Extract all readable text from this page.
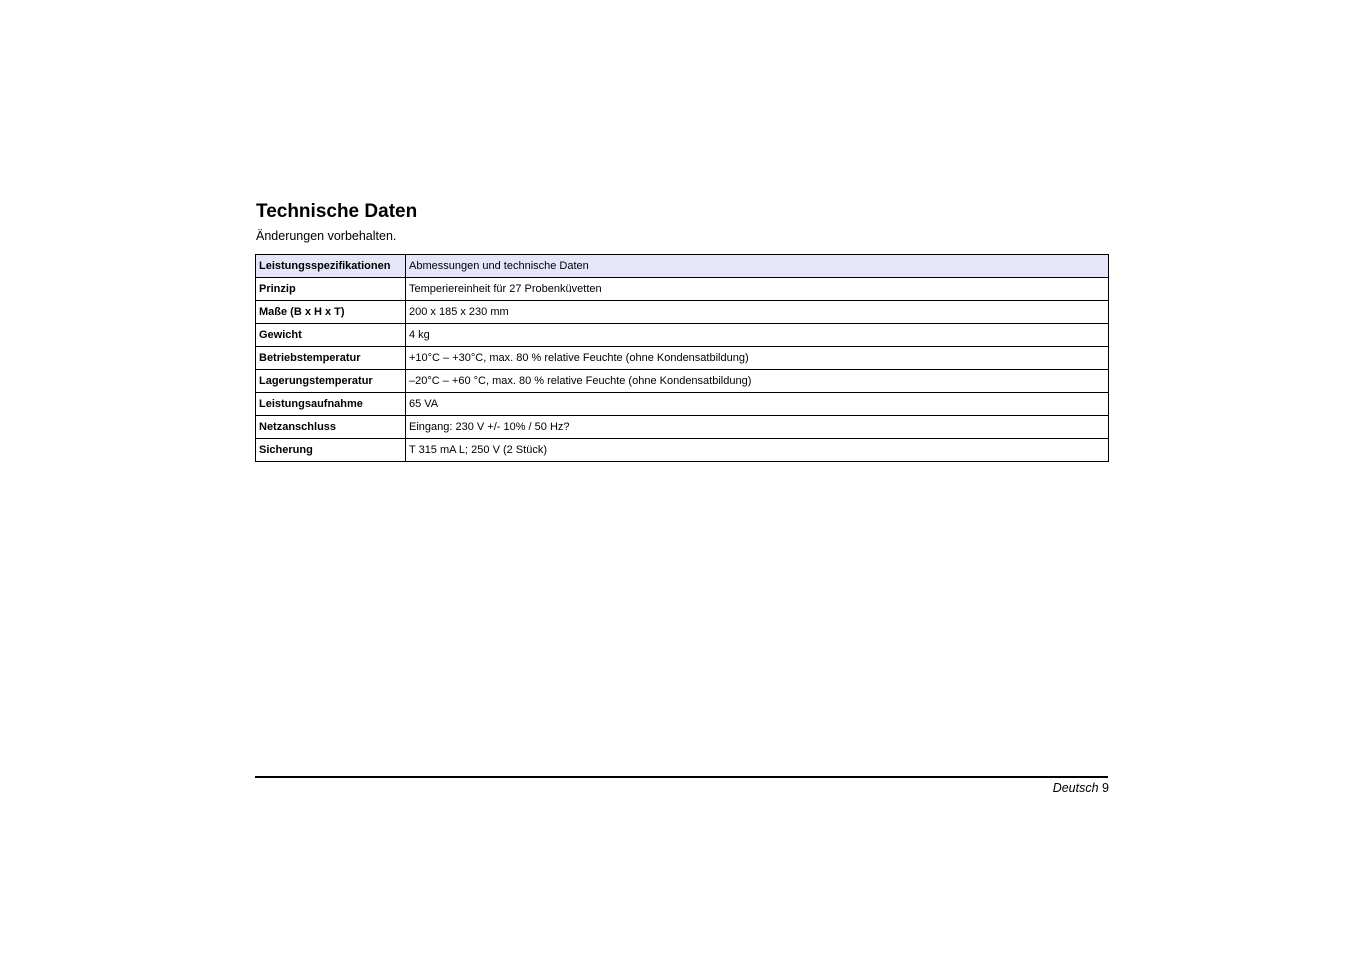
Technische Daten

Änderungen vorbehalten.

Leistungsspezifikationen	Abmessungen und technische Daten
Prinzip	Temperiereinheit für 27 Probenküvetten
Maße (B x H x T)	200 x 185 x 230 mm
Gewicht	4 kg
Betriebstemperatur	+10°C – +30°C, max. 80 % relative Feuchte (ohne Kondensatbildung)
Lagerungstemperatur	–20°C – +60 °C, max. 80 % relative Feuchte (ohne Kondensatbildung)
Leistungsaufnahme	65 VA
Netzanschluss	Eingang: 230 V +/- 10% / 50 Hz?
Sicherung	T 315 mA L; 250 V (2 Stück)
Deutsch 9
